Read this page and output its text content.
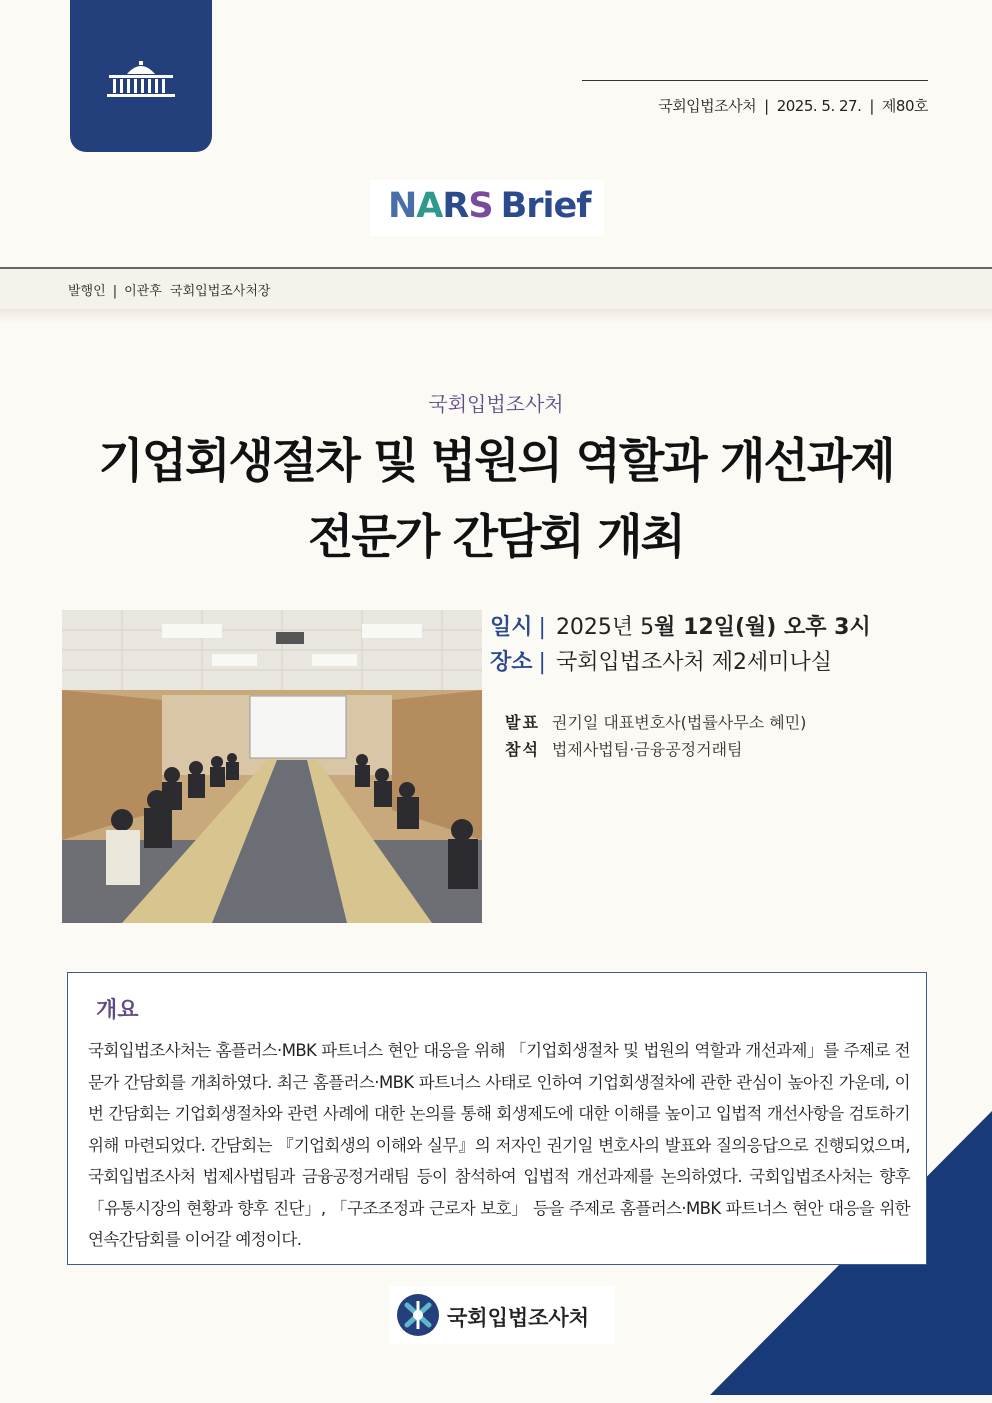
국회입법조사처 | 2025. 5. 27. | 제80호
NARS Brief
발행인 | 이관후  국회입법조사처장
국회입법조사처
기업회생절차 및 법원의 역할과 개선과제
전문가 간담회 개최
일시 | 2025년 5월 12일(월) 오후 3시
장소 | 국회입법조사처 제2세미나실
발표 권기일 대표변호사(법률사무소 혜민)
참석 법제사법팀·금융공정거래팀
개요

국회입법조사처는 홈플러스·MBK 파트너스 현안 대응을 위해 「기업회생절차 및 법원의 역할과 개선과제」를 주제로 전문가 간담회를 개최하였다. 최근 홈플러스·MBK 파트너스 사태로 인하여 기업회생절차에 관한 관심이 높아진 가운데, 이번 간담회는 기업회생절차와 관련 사례에 대한 논의를 통해 회생제도에 대한 이해를 높이고 입법적 개선사항을 검토하기 위해 마련되었다. 간담회는 『기업회생의 이해와 실무』의 저자인 권기일 변호사의 발표와 질의응답으로 진행되었으며, 국회입법조사처 법제사법팀과 금융공정거래팀 등이 참석하여 입법적 개선과제를 논의하였다. 국회입법조사처는 향후 「유통시장의 현황과 향후 진단」, 「구조조정과 근로자 보호」 등을 주제로 홈플러스·MBK 파트너스 현안 대응을 위한 연속간담회를 이어갈 예정이다.

국회입법조사처
